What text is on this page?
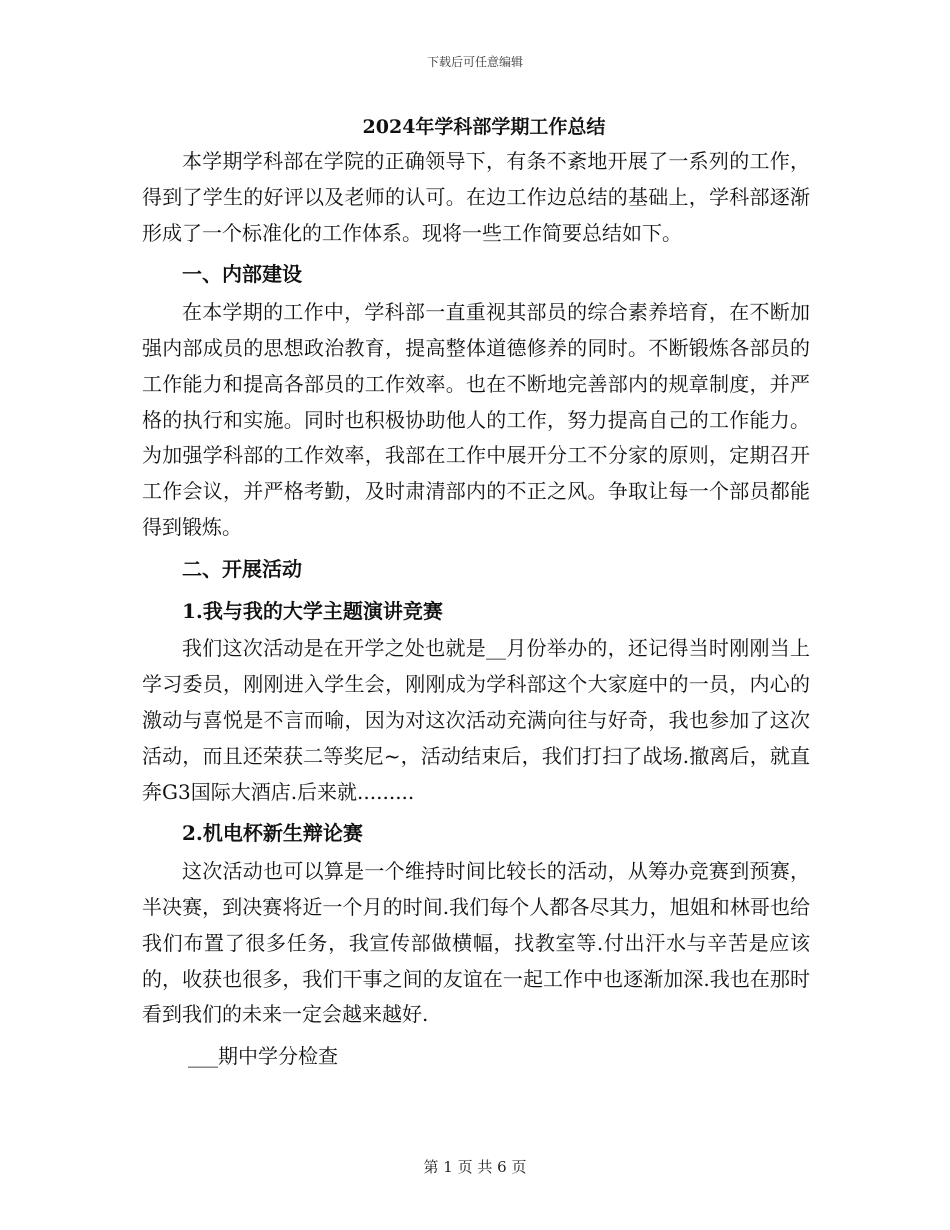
下载后可任意编辑

2024年学科部学期工作总结

本学期学科部在学院的正确领导下，有条不紊地开展了一系列的工作，得到了学生的好评以及老师的认可。在边工作边总结的基础上，学科部逐渐形成了一个标准化的工作体系。现将一些工作简要总结如下。

一、内部建设

在本学期的工作中，学科部一直重视其部员的综合素养培育，在不断加强内部成员的思想政治教育，提高整体道德修养的同时。不断锻炼各部员的工作能力和提高各部员的工作效率。也在不断地完善部内的规章制度，并严格的执行和实施。同时也积极协助他人的工作，努力提高自己的工作能力。为加强学科部的工作效率，我部在工作中展开分工不分家的原则，定期召开工作会议，并严格考勤，及时肃清部内的不正之风。争取让每一个部员都能得到锻炼。

二、开展活动

1.我与我的大学主题演讲竞赛

我们这次活动是在开学之处也就是__月份举办的，还记得当时刚刚当上学习委员，刚刚进入学生会，刚刚成为学科部这个大家庭中的一员，内心的激动与喜悦是不言而喻，因为对这次活动充满向往与好奇，我也参加了这次活动，而且还荣获二等奖尼~，活动结束后，我们打扫了战场.撤离后，就直奔G3国际大酒店.后来就.........

2.机电杯新生辩论赛

这次活动也可以算是一个维持时间比较长的活动，从筹办竞赛到预赛，半决赛，到决赛将近一个月的时间.我们每个人都各尽其力，旭姐和林哥也给我们布置了很多任务，我宣传部做横幅，找教室等.付出汗水与辛苦是应该的，收获也很多，我们干事之间的友谊在一起工作中也逐渐加深.我也在那时看到我们的未来一定会越来越好.

___期中学分检查

第 1 页 共 6 页
